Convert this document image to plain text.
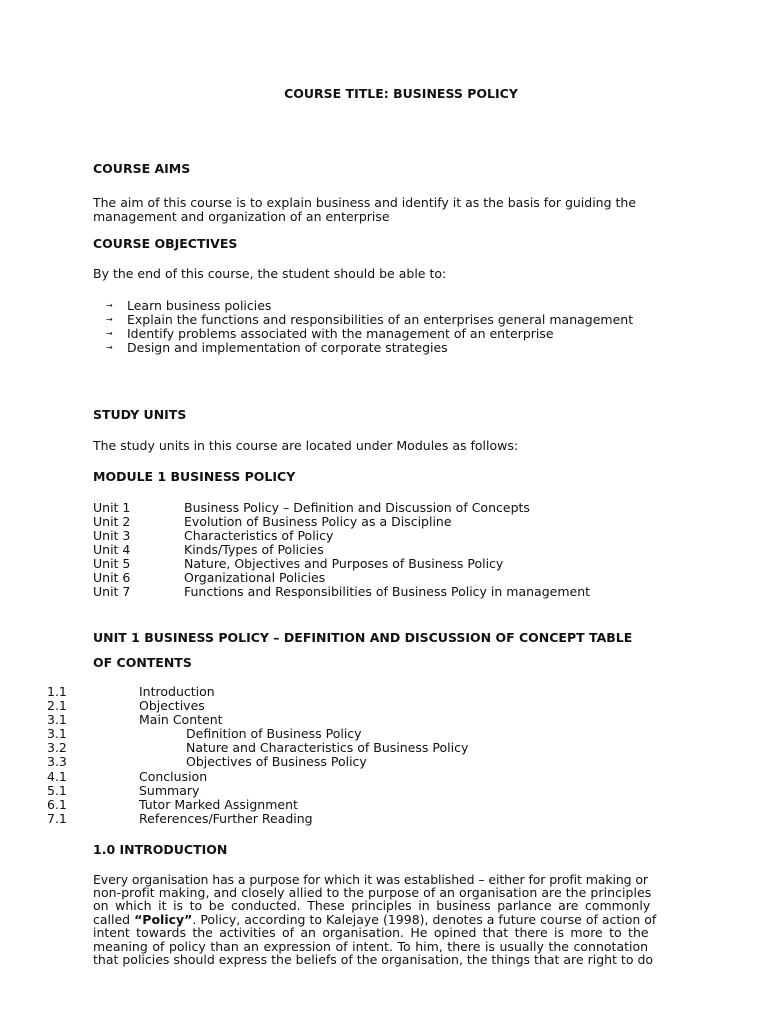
COURSE TITLE: BUSINESS POLICY
COURSE AIMS
The aim of this course is to explain business and identify it as the basis for guiding the management and organization of an enterprise
COURSE OBJECTIVES
By the end of this course, the student should be able to:
→ Learn business policies
→ Explain the functions and responsibilities of an enterprises general management
→ Identify problems associated with the management of an enterprise
→ Design and implementation of corporate strategies
STUDY UNITS
The study units in this course are located under Modules as follows:
MODULE 1 BUSINESS POLICY
Unit 1	Business Policy – Definition and Discussion of Concepts
Unit 2	Evolution of Business Policy as a Discipline
Unit 3	Characteristics of Policy
Unit 4	Kinds/Types of Policies
Unit 5	Nature, Objectives and Purposes of Business Policy
Unit 6	Organizational Policies
Unit 7	Functions and Responsibilities of Business Policy in management
UNIT 1 BUSINESS POLICY – DEFINITION AND DISCUSSION OF CONCEPT TABLE
OF CONTENTS
1.1	Introduction
2.1	Objectives
3.1	Main Content
3.1	Definition of Business Policy
3.2	Nature and Characteristics of Business Policy
3.3	Objectives of Business Policy
4.1	Conclusion
5.1	Summary
6.1	Tutor Marked Assignment
7.1	References/Further Reading
1.0 INTRODUCTION
Every organisation has a purpose for which it was established – either for profit making or
non-profit making, and closely allied to the purpose of an organisation are the principles
on which it is to be conducted. These principles in business parlance are commonly
called “Policy”. Policy, according to Kalejaye (1998), denotes a future course of action of
intent towards the activities of an organisation. He opined that there is more to the
meaning of policy than an expression of intent. To him, there is usually the connotation
that policies should express the beliefs of the organisation, the things that are right to do
